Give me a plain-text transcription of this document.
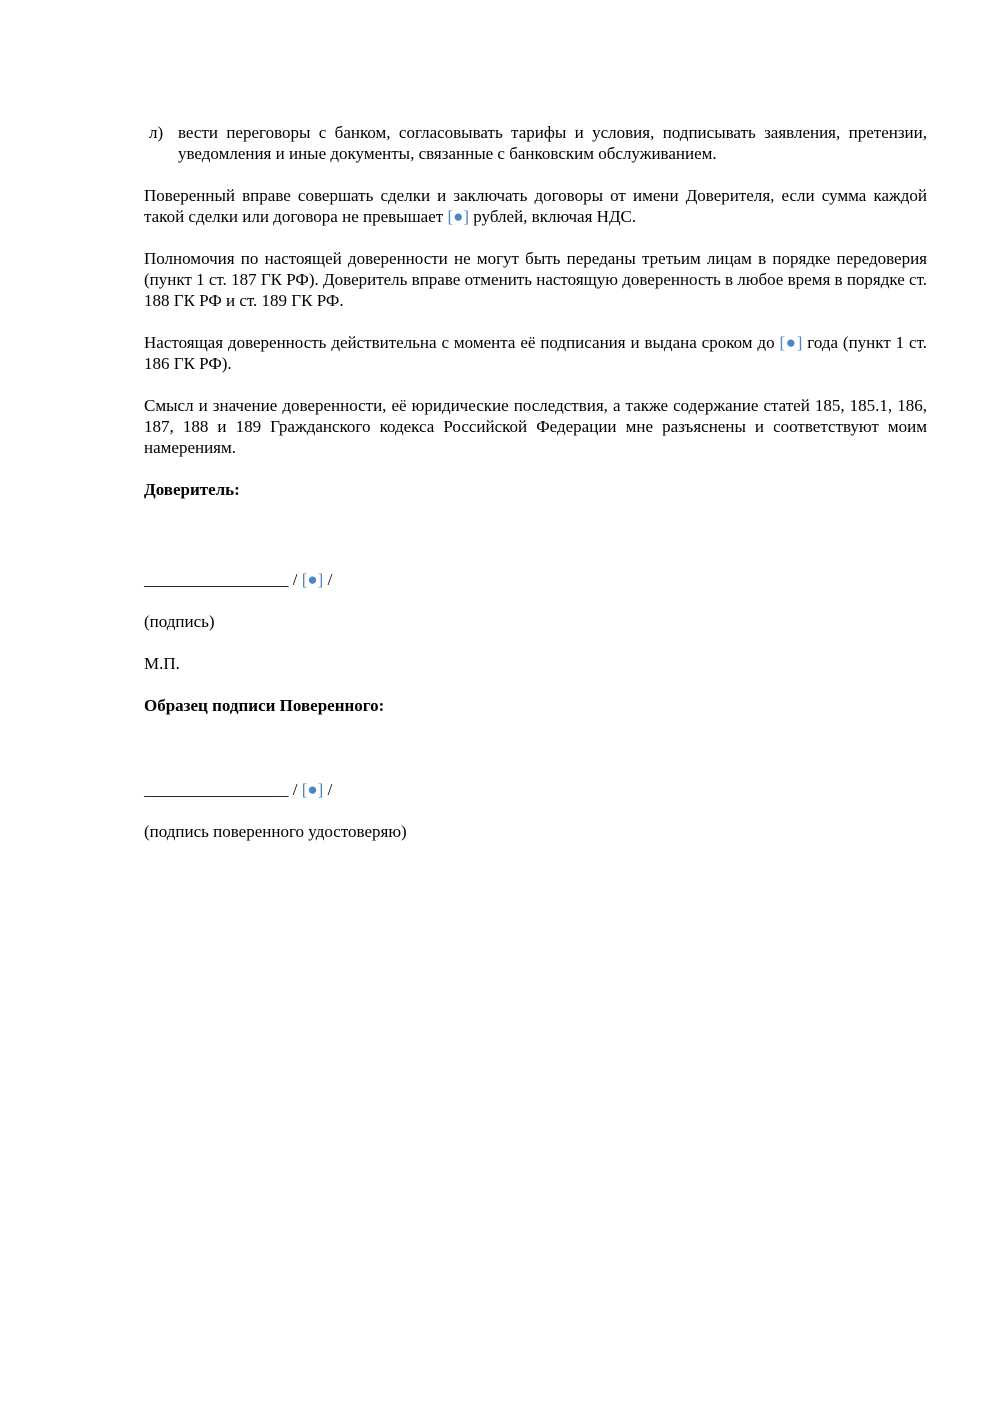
л) вести переговоры с банком, согласовывать тарифы и условия, подписывать заявления, претензии, уведомления и иные документы, связанные с банковским обслуживанием.

Поверенный вправе совершать сделки и заключать договоры от имени Доверителя, если сумма каждой такой сделки или договора не превышает [●] рублей, включая НДС.

Полномочия по настоящей доверенности не могут быть переданы третьим лицам в порядке передоверия (пункт 1 ст. 187 ГК РФ). Доверитель вправе отменить настоящую доверенность в любое время в порядке ст. 188 ГК РФ и ст. 189 ГК РФ.

Настоящая доверенность действительна с момента её подписания и выдана сроком до [●] года (пункт 1 ст. 186 ГК РФ).

Смысл и значение доверенности, её юридические последствия, а также содержание статей 185, 185.1, 186, 187, 188 и 189 Гражданского кодекса Российской Федерации мне разъяснены и соответствуют моим намерениям.

Доверитель:

_________________ / [●] /

(подпись)

М.П.

Образец подписи Поверенного:

_________________ / [●] /

(подпись поверенного удостоверяю)
